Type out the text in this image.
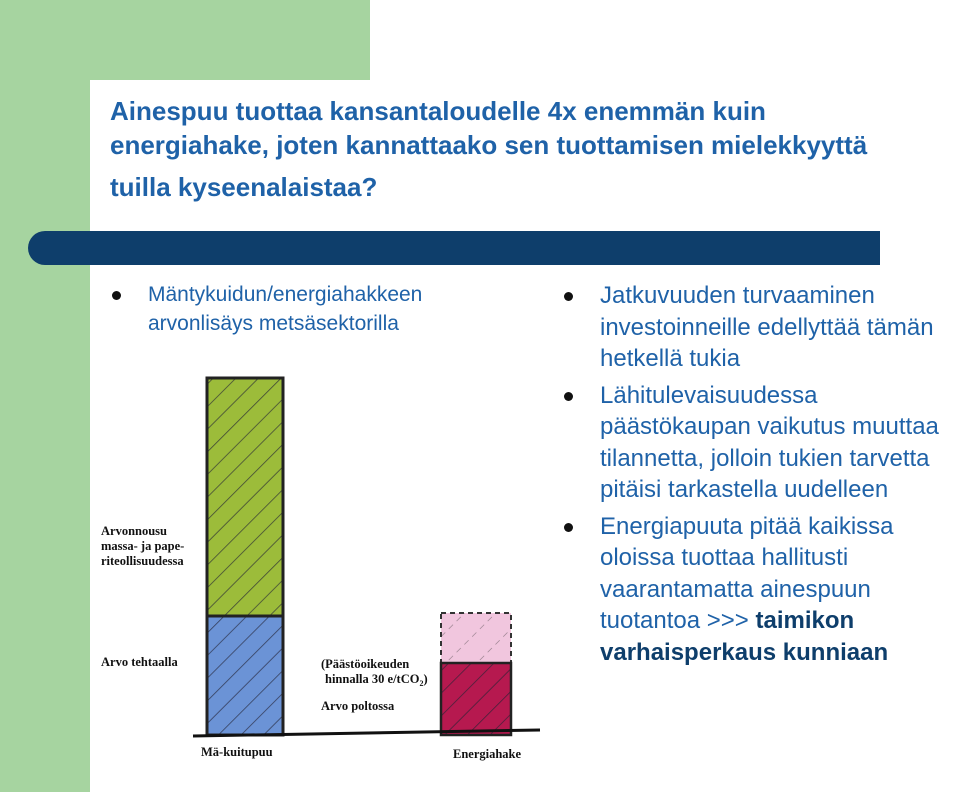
Ainespuu tuottaa kansantaloudelle 4x enemmän kuin
energiahake, joten kannattaako sen tuottamisen mielekkyyttä
tuilla kyseenalaistaa?
Mäntykuidun/energiahakkeen
arvonlisäys metsäsektorilla
Arvonnousu
massa- ja pape-
riteollisuudessa
Arvo tehtaalla	(Päästöoikeuden
hinnalla 30 e/tCO$_2$)
Arvo poltossa
Mä-kuitupuu	Energiahake
Jatkuvuuden turvaaminen investoinneille edellyttää tämän hetkellä tukia
Lähitulevaisuudessa päästökaupan vaikutus muuttaa tilannetta, jolloin tukien tarvetta pitäisi tarkastella uudelleen
Energiapuuta pitää kaikissa oloissa tuottaa hallitusti vaarantamatta ainespuun tuotantoa >>> taimikon varhaisperkaus kunniaan
